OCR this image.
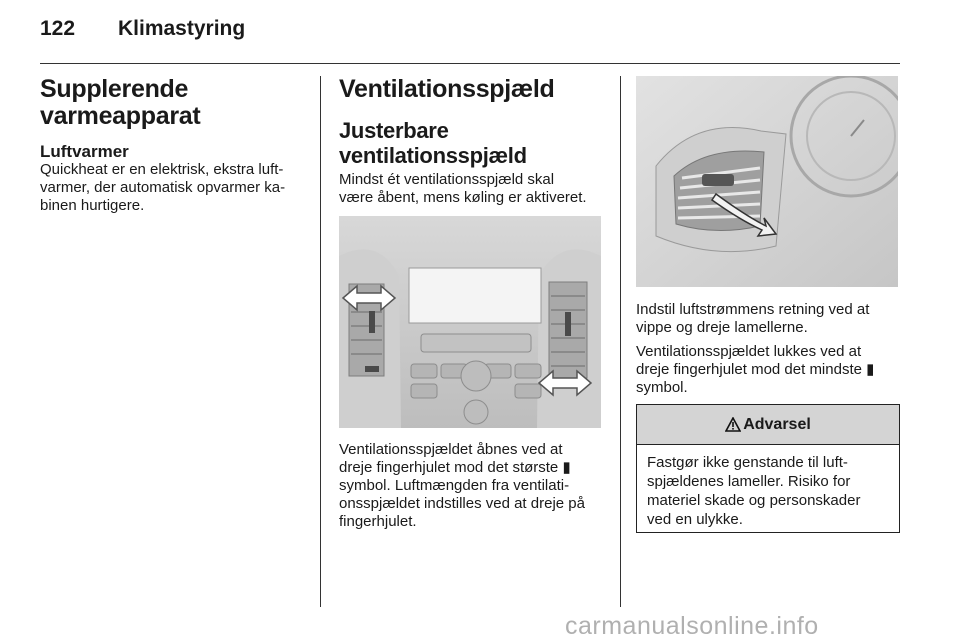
122 Klimastyring
Supplerende varmeapparat
Luftvarmer
Quickheat er en elektrisk, ekstra luft-
varmer, der automatisk opvarmer ka-
binen hurtigere.
Ventilationsspjæld
Justerbare
ventilationsspjæld
Mindst ét ventilationsspjæld skal
være åbent, mens køling er aktiveret.
Ventilationsspjældet åbnes ved at
dreje fingerhjulet mod det største ▮
symbol. Luftmængden fra ventilati-
onsspjældet indstilles ved at dreje på
fingerhjulet.
Indstil luftstrømmens retning ved at
vippe og dreje lamellerne.
Ventilationsspjældet lukkes ved at
dreje fingerhjulet mod det mindste ▮
symbol.
Advarsel
Fastgør ikke genstande til luft-
spjældenes lameller. Risiko for
materiel skade og personskader
ved en ulykke.
carmanualsonline.info
